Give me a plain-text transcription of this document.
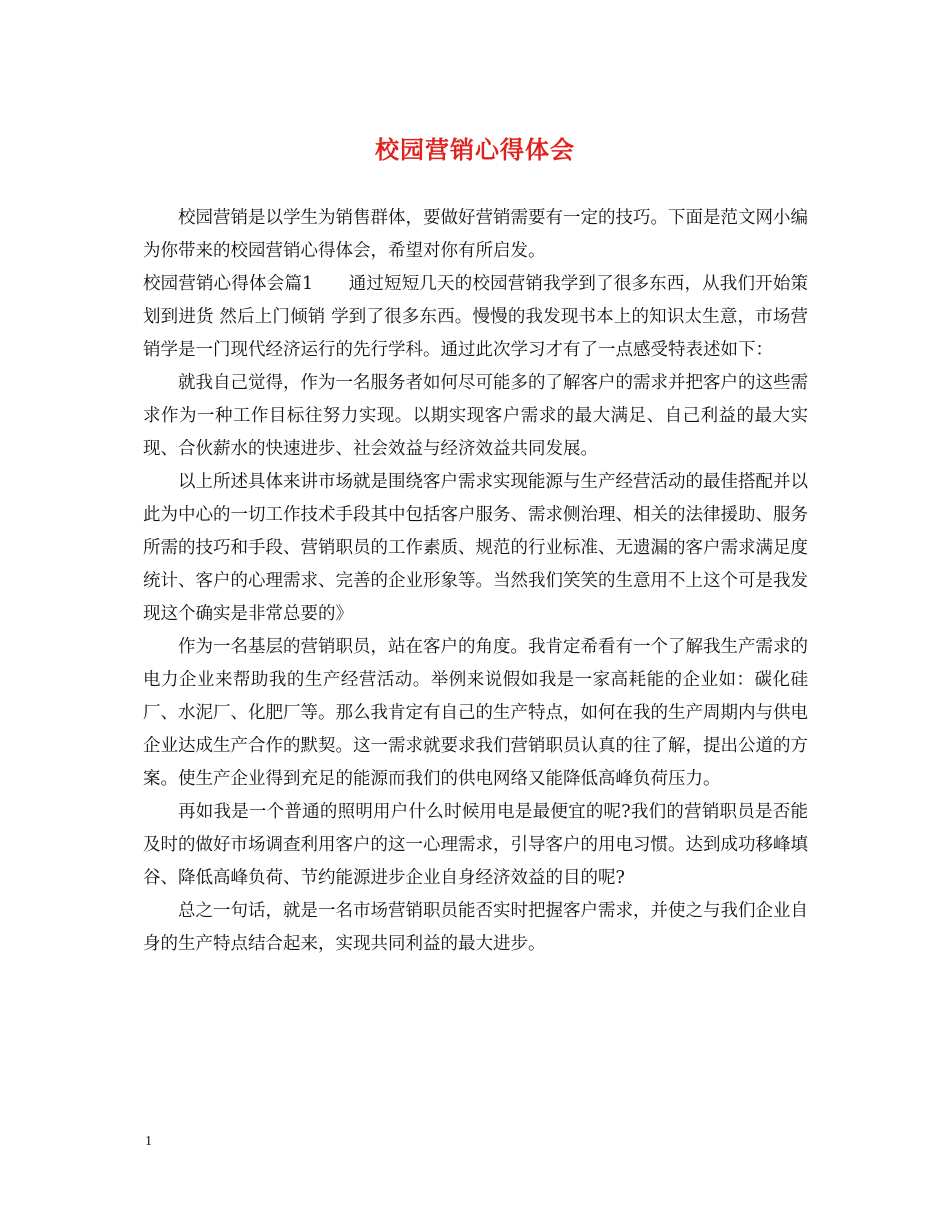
校园营销心得体会

校园营销是以学生为销售群体，要做好营销需要有一定的技巧。下面是范文网小编为你带来的校园营销心得体会，希望对你有所启发。

校园营销心得体会篇1　　通过短短几天的校园营销我学到了很多东西，从我们开始策划到进货 然后上门倾销 学到了很多东西。慢慢的我发现书本上的知识太生意，市场营销学是一门现代经济运行的先行学科。通过此次学习才有了一点感受特表述如下：

就我自己觉得，作为一名服务者如何尽可能多的了解客户的需求并把客户的这些需求作为一种工作目标往努力实现。以期实现客户需求的最大满足、自己利益的最大实现、合伙薪水的快速进步、社会效益与经济效益共同发展。

以上所述具体来讲市场就是围绕客户需求实现能源与生产经营活动的最佳搭配并以此为中心的一切工作技术手段其中包括客户服务、需求侧治理、相关的法律援助、服务所需的技巧和手段、营销职员的工作素质、规范的行业标准、无遗漏的客户需求满足度统计、客户的心理需求、完善的企业形象等。当然我们笑笑的生意用不上这个可是我发现这个确实是非常总要的》

作为一名基层的营销职员，站在客户的角度。我肯定希看有一个了解我生产需求的电力企业来帮助我的生产经营活动。举例来说假如我是一家高耗能的企业如：碳化硅厂、水泥厂、化肥厂等。那么我肯定有自己的生产特点，如何在我的生产周期内与供电企业达成生产合作的默契。这一需求就要求我们营销职员认真的往了解，提出公道的方案。使生产企业得到充足的能源而我们的供电网络又能降低高峰负荷压力。

再如我是一个普通的照明用户什么时候用电是最便宜的呢?我们的营销职员是否能及时的做好市场调查利用客户的这一心理需求，引导客户的用电习惯。达到成功移峰填谷、降低高峰负荷、节约能源进步企业自身经济效益的目的呢?

总之一句话，就是一名市场营销职员能否实时把握客户需求，并使之与我们企业自身的生产特点结合起来，实现共同利益的最大进步。

1
